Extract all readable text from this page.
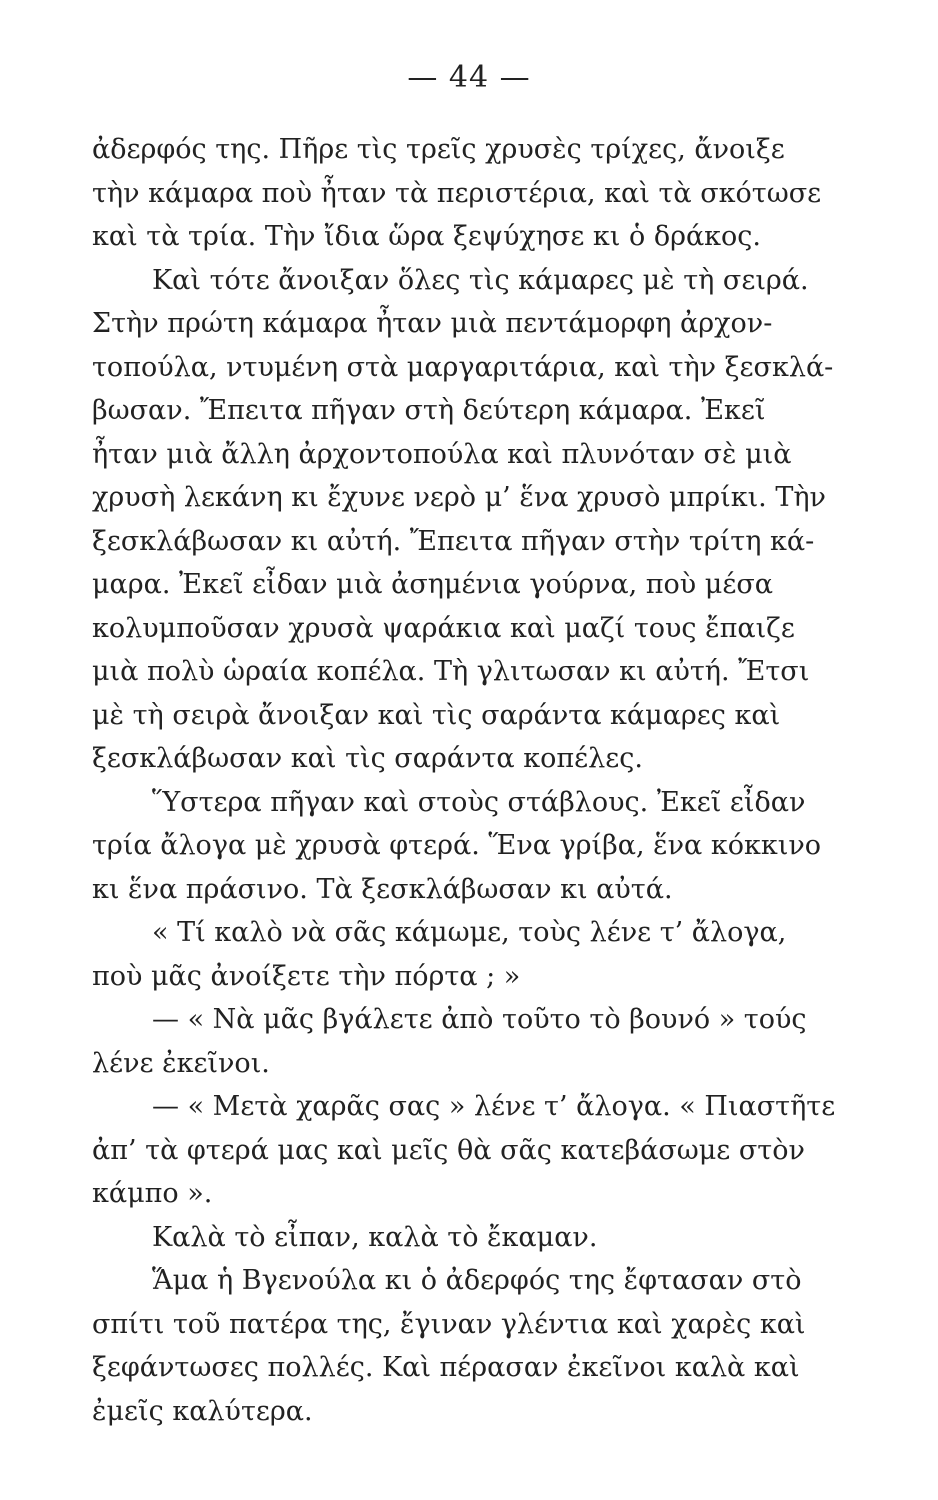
— 44 —
ἀδερφός της. Πῆρε τὶς τρεῖς χρυσὲς τρίχες, ἄνοιξε
τὴν κάμαρα ποὺ ἦταν τὰ περιστέρια, καὶ τὰ σκότωσε
καὶ τὰ τρία. Τὴν ἴδια ὥρα ξεψύχησε κι ὁ δράκος.
Καὶ τότε ἄνοιξαν ὅλες τὶς κάμαρες μὲ τὴ σειρά.
Στὴν πρώτη κάμαρα ἦταν μιὰ πεντάμορφη ἀρχον-
τοπούλα, ντυμένη στὰ μαργαριτάρια, καὶ τὴν ξεσκλά-
βωσαν. Ἔπειτα πῆγαν στὴ δεύτερη κάμαρα. Ἐκεῖ
ἦταν μιὰ ἄλλη ἀρχοντοπούλα καὶ πλυνόταν σὲ μιὰ
χρυσὴ λεκάνη κι ἔχυνε νερὸ μ’ ἕνα χρυσὸ μπρίκι. Τὴν
ξεσκλάβωσαν κι αὐτή. Ἔπειτα πῆγαν στὴν τρίτη κά-
μαρα. Ἐκεῖ εἶδαν μιὰ ἀσημένια γούρνα, ποὺ μέσα
κολυμποῦσαν χρυσὰ ψαράκια καὶ μαζί τους ἔπαιζε
μιὰ πολὺ ὡραία κοπέλα. Τὴ γλιτωσαν κι αὐτή. Ἔτσι
μὲ τὴ σειρὰ ἄνοιξαν καὶ τὶς σαράντα κάμαρες καὶ
ξεσκλάβωσαν καὶ τὶς σαράντα κοπέλες.
Ὕστερα πῆγαν καὶ στοὺς στάβλους. Ἐκεῖ εἶδαν
τρία ἄλογα μὲ χρυσὰ φτερά. Ἕνα γρίβα, ἕνα κόκκινο
κι ἕνα πράσινο. Τὰ ξεσκλάβωσαν κι αὐτά.
« Τί καλὸ νὰ σᾶς κάμωμε, τοὺς λένε τ’ ἄλογα,
ποὺ μᾶς ἀνοίξετε τὴν πόρτα ; »
— « Νὰ μᾶς βγάλετε ἀπὸ τοῦτο τὸ βουνό » τούς
λένε ἐκεῖνοι.
— « Μετὰ χαρᾶς σας » λένε τ’ ἄλογα. « Πιαστῆτε
ἀπ’ τὰ φτερά μας καὶ μεῖς θὰ σᾶς κατεβάσωμε στὸν
κάμπο ».
Καλὰ τὸ εἶπαν, καλὰ τὸ ἔκαμαν.
Ἅμα ἡ Βγενούλα κι ὁ ἀδερφός της ἔφτασαν στὸ
σπίτι τοῦ πατέρα της, ἔγιναν γλέντια καὶ χαρὲς καὶ
ξεφάντωσες πολλές. Καὶ πέρασαν ἐκεῖνοι καλὰ καὶ
ἐμεῖς καλύτερα.
